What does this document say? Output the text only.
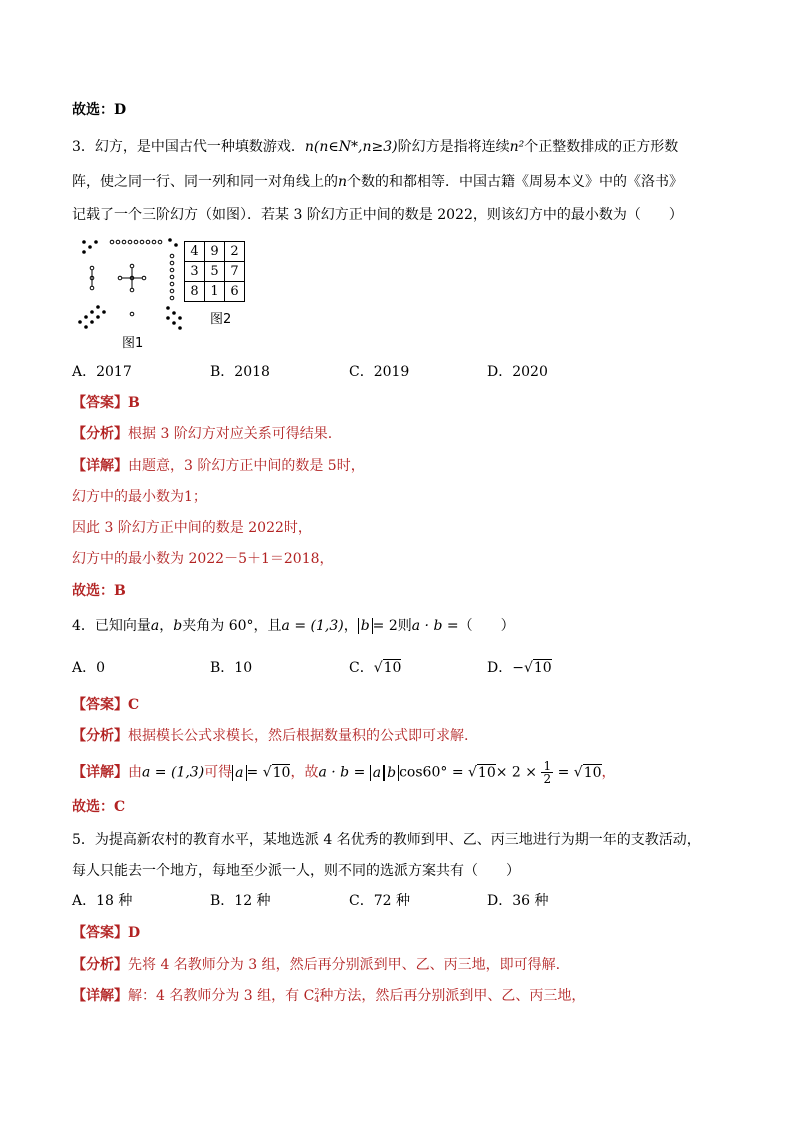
故选：D
3．幻方，是中国古代一种填数游戏．n(n∈N*,n≥3)阶幻方是指将连续n²个正整数排成的正方形数
阵，使之同一行、同一列和同一对角线上的n个数的和都相等．中国古籍《周易本义》中的《洛书》
记载了一个三阶幻方（如图）．若某 3 阶幻方正中间的数是 2022，则该幻方中的最小数为（　　）
4	9	2
3	5	7
8	1	6
图2
图1
A．2017	B．2018	C．2019	D．2020
【答案】B
【分析】根据 3 阶幻方对应关系可得结果.
【详解】由题意，3 阶幻方正中间的数是 5时，
幻方中的最小数为1；
因此 3 阶幻方正中间的数是 2022时，
幻方中的最小数为 2022－5＋1＝2018，
故选：B
4．已知向量a，b夹角为 60°，且a = (1,3)， b = 2则a · b =（　　）
A．0	B．10	C．√10	D．−√10
【答案】C
【分析】根据模长公式求模长，然后根据数量积的公式即可求解.
【详解】由a = (1,3)可得 a = √10，故a · b = a b $\cos 60^\circ = √10\times 2 \times \frac{1}{2} = √10$，
故选：C
5．为提高新农村的教育水平，某地选派 4 名优秀的教师到甲、乙、丙三地进行为期一年的支教活动，
每人只能去一个地方，每地至少派一人，则不同的选派方案共有（　　）
A．18 种	B．12 种	C．72 种	D．36 种
【答案】D
【分析】先将 4 名教师分为 3 组，然后再分别派到甲、乙、丙三地，即可得解.
【详解】解：4 名教师分为 3 组，有 C 2
4 种方法，然后再分别派到甲、乙、丙三地，
